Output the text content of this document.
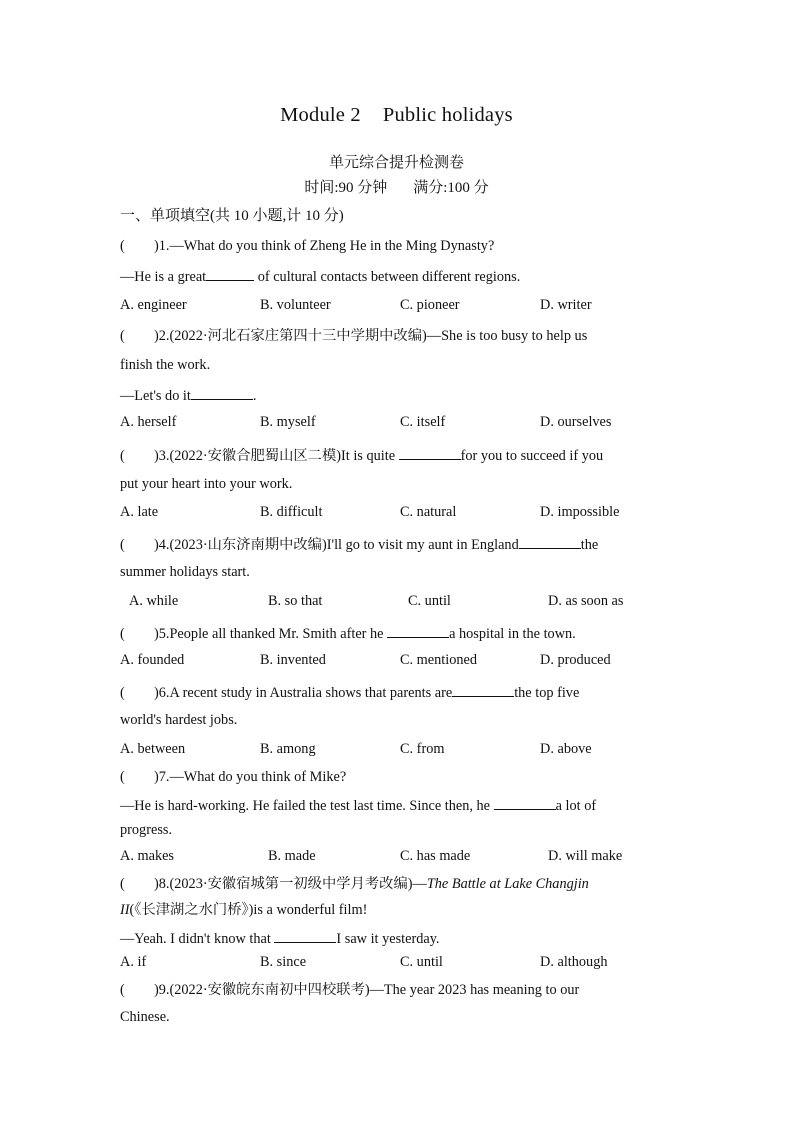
Module 2 Public holidays
单元综合提升检测卷
时间:90 分钟 满分:100 分
一、单项填空(共 10 小题,计 10 分)
( )1.—What do you think of Zheng He in the Ming Dynasty?
—He is a great	of cultural contacts between different regions.
A. engineer	B. volunteer	C. pioneer	D. writer
( )2.(2022·河北石家庄第四十三中学期中改编)—She is too busy to help us
finish the work.
—Let's do it	.
A. herself	B. myself	C. itself	D. ourselves
( )3.(2022·安徽合肥蜀山区二模)It is quite	for you to succeed if you
put your heart into your work.
A. late	B. difficult	C. natural	D. impossible
( )4.(2023·山东济南期中改编)I'll go to visit my aunt in England	the
summer holidays start.
A. while	B. so that	C. until	D. as soon as
( )5.People all thanked Mr. Smith after he	a hospital in the town.
A. founded	B. invented	C. mentioned	D. produced
( )6.A recent study in Australia shows that parents are	the top five
world's hardest jobs.
A. between	B. among	C. from	D. above
( )7.—What do you think of Mike?
—He is hard-working. He failed the test last time. Since then, he	a lot of
progress.
A. makes	B. made	C. has made	D. will make
( )8.(2023·安徽宿城第一初级中学月考改编)—The Battle at Lake Changjin
II(《长津湖之水门桥》)is a wonderful film!
—Yeah. I didn't know that	I saw it yesterday.
A. if	B. since	C. until	D. although
( )9.(2022·安徽皖东南初中四校联考)—The year 2023 has meaning to our
Chinese.
